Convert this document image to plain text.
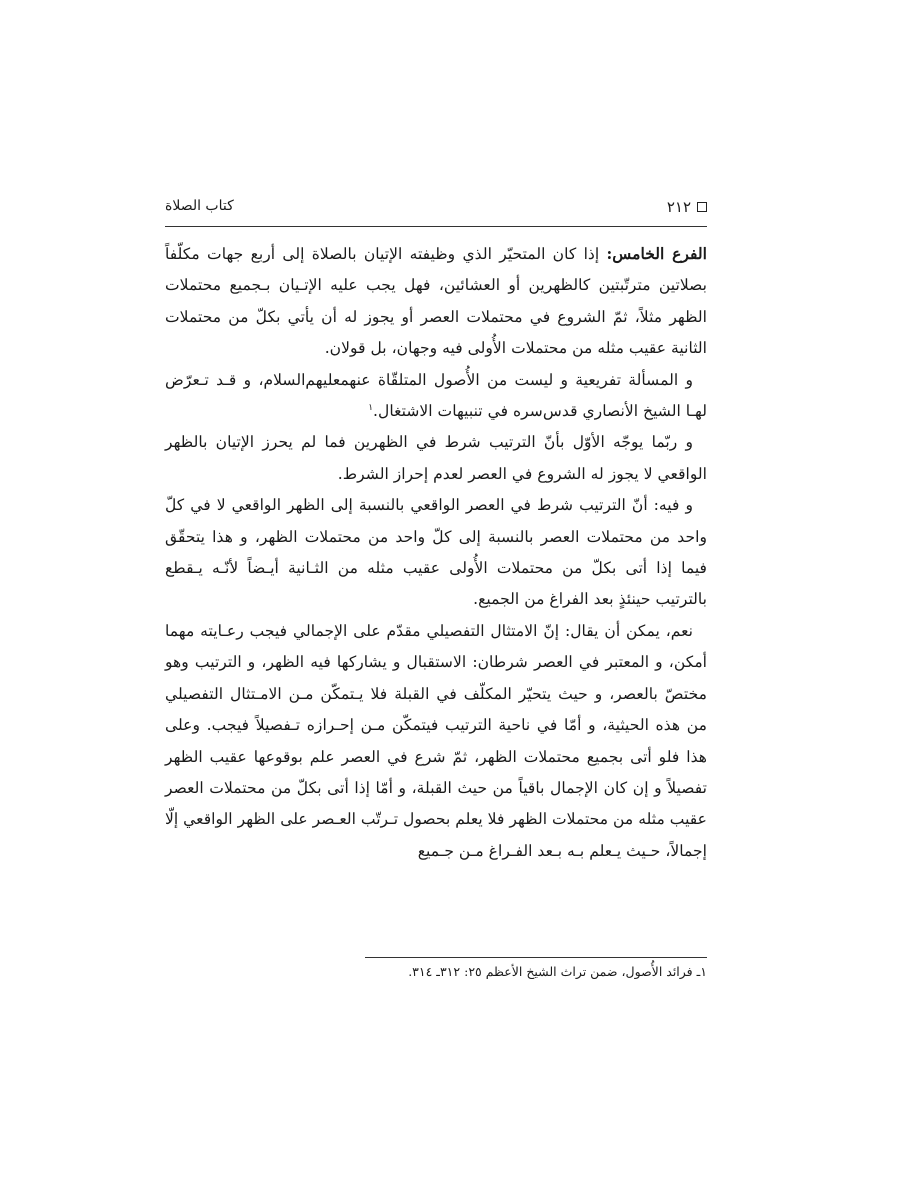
٢١٢
كتاب الصلاة

الفرع الخامس: إذا كان المتحيّر الذي وظيفته الإتيان بالصلاة إلى أربع جهات مكلّفاً بصلاتين مترتّبتين كالظهرين أو العشائين، فهل يجب عليه الإتـيان بـجميع محتملات الظهر مثلاً، ثمّ الشروع في محتملات العصر أو يجوز له أن يأتي بكلّ من محتملات الثانية عقيب مثله من محتملات الأُولى فيه وجهان، بل قولان.

و المسألة تفريعية و ليست من الأُصول المتلقّاة عنهمعليهم‌السلام، و قـد تـعرّض لهـا الشيخ الأنصاري قدس‌سره في تنبيهات الاشتغال.$^١$

و ربّما يوجّه الأوّل بأنّ الترتيب شرط في الظهرين فما لم يحرز الإتيان بالظهر الواقعي لا يجوز له الشروع في العصر لعدم إحراز الشرط.

و فيه: أنّ الترتيب شرط في العصر الواقعي بالنسبة إلى الظهر الواقعي لا في كلّ واحد من محتملات العصر بالنسبة إلى كلّ واحد من محتملات الظهر، و هذا يتحقّق فيما إذا أتى بكلّ من محتملات الأُولى عقيب مثله من الثـانية أيـضاً لأنّـه يـقطع بالترتيب حينئذٍ بعد الفراغ من الجميع.

نعم، يمكن أن يقال: إنّ الامتثال التفصيلي مقدّم على الإجمالي فيجب رعـايته مهما أمكن، و المعتبر في العصر شرطان: الاستقبال و يشاركها فيه الظهر، و الترتيب وهو مختصّ بالعصر، و حيث يتحيّر المكلّف في القبلة فلا يـتمكّن مـن الامـتثال التفصيلي من هذه الحيثية، و أمّا في ناحية الترتيب فيتمكّن مـن إحـرازه تـفصيلاً فيجب. وعلى هذا فلو أتى بجميع محتملات الظهر، ثمّ شرع في العصر علم بوقوعها عقيب الظهر تفصيلاً و إن كان الإجمال باقياً من حيث القبلة، و أمّا إذا أتى بكلّ من محتملات العصر عقيب مثله من محتملات الظهر فلا يعلم بحصول تـرتّب العـصر على الظهر الواقعي إلّا إجمالاً، حـيث يـعلم بـه بـعد الفـراغ مـن جـميع

١ـ فرائد الأُصول، ضمن تراث الشيخ الأعظم ٢٥: ٣١٢ـ ٣١٤.
